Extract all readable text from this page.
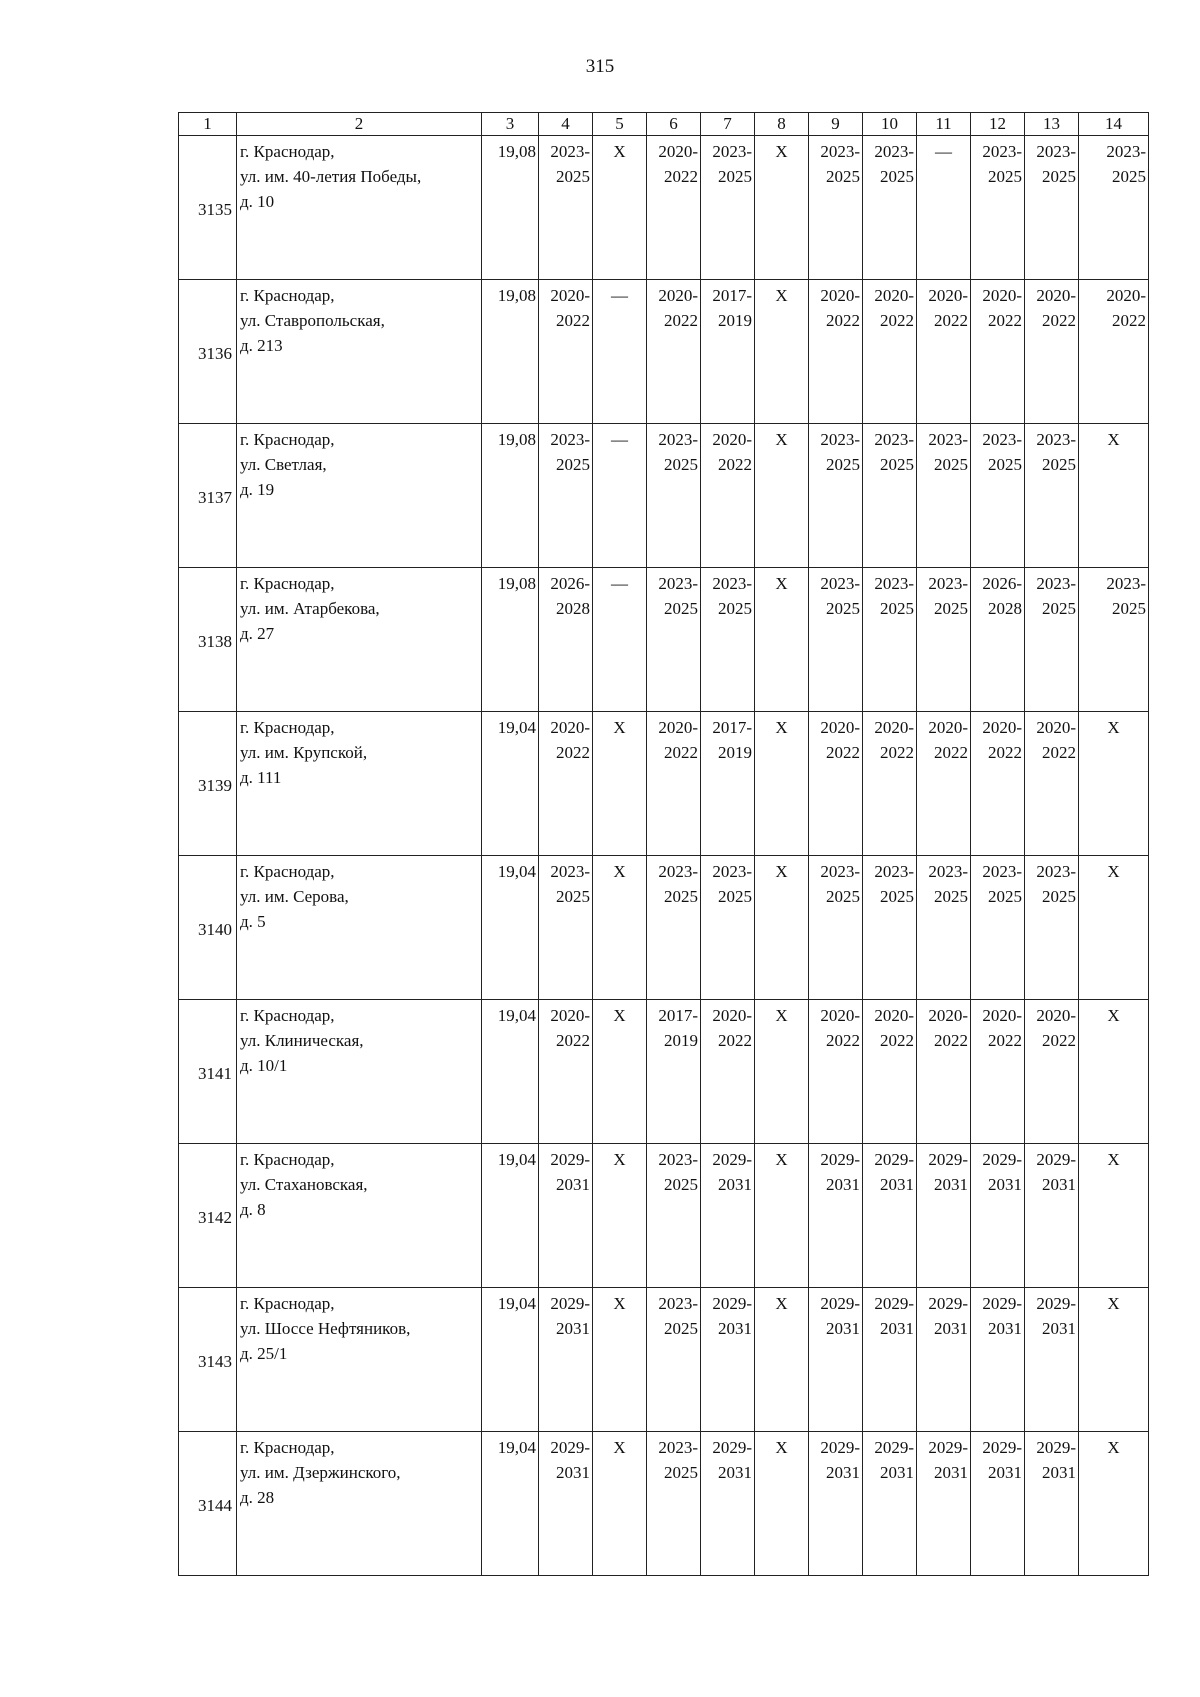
315
1	2	3	4	5	6	7	8	9	10	11	12	13	14
3135	г. Краснодар,
ул. им. 40-летия Победы,
д. 10	19,08	2023-
2025	Х	2020-
2022	2023-
2025	Х	2023-
2025	2023-
2025	—	2023-
2025	2023-
2025	2023-
2025

3136	г. Краснодар,
ул. Ставропольская,
д. 213	19,08	2020-
2022	—	2020-
2022	2017-
2019	Х	2020-
2022	2020-
2022	2020-
2022	2020-
2022	2020-
2022	2020-
2022

3137	г. Краснодар,
ул. Светлая,
д. 19	19,08	2023-
2025	—	2023-
2025	2020-
2022	Х	2023-
2025	2023-
2025	2023-
2025	2023-
2025	2023-
2025	Х

3138	г. Краснодар,
ул. им. Атарбекова,
д. 27	19,08	2026-
2028	—	2023-
2025	2023-
2025	Х	2023-
2025	2023-
2025	2023-
2025	2026-
2028	2023-
2025	2023-
2025

3139	г. Краснодар,
ул. им. Крупской,
д. 111	19,04	2020-
2022	Х	2020-
2022	2017-
2019	Х	2020-
2022	2020-
2022	2020-
2022	2020-
2022	2020-
2022	Х

3140	г. Краснодар,
ул. им. Серова,
д. 5	19,04	2023-
2025	Х	2023-
2025	2023-
2025	Х	2023-
2025	2023-
2025	2023-
2025	2023-
2025	2023-
2025	Х

3141	г. Краснодар,
ул. Клиническая,
д. 10/1	19,04	2020-
2022	Х	2017-
2019	2020-
2022	Х	2020-
2022	2020-
2022	2020-
2022	2020-
2022	2020-
2022	Х

3142	г. Краснодар,
ул. Стахановская,
д. 8	19,04	2029-
2031	Х	2023-
2025	2029-
2031	Х	2029-
2031	2029-
2031	2029-
2031	2029-
2031	2029-
2031	Х

3143	г. Краснодар,
ул. Шоссе Нефтяников,
д. 25/1	19,04	2029-
2031	Х	2023-
2025	2029-
2031	Х	2029-
2031	2029-
2031	2029-
2031	2029-
2031	2029-
2031	Х

3144	г. Краснодар,
ул. им. Дзержинского,
д. 28	19,04	2029-
2031	Х	2023-
2025	2029-
2031	Х	2029-
2031	2029-
2031	2029-
2031	2029-
2031	2029-
2031	Х
